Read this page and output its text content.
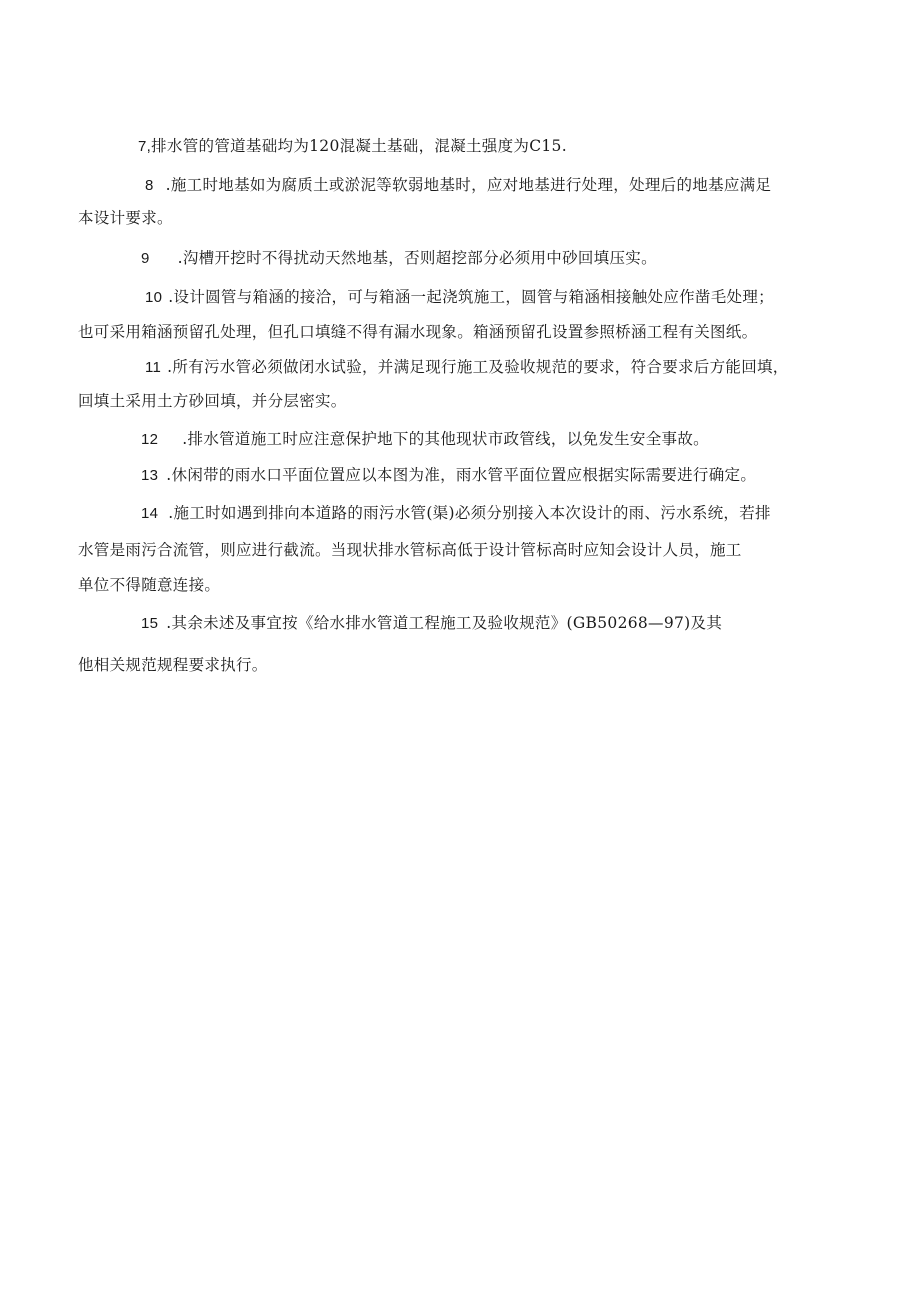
7,排水管的管道基础均为120混凝土基础，混凝土强度为C15.
8 .施工时地基如为腐质土或淤泥等软弱地基时，应对地基进行处理，处理后的地基应满足
本设计要求。
9 .沟槽开挖时不得扰动天然地基，否则超挖部分必须用中砂回填压实。
10 .设计圆管与箱涵的接洽，可与箱涵一起浇筑施工，圆管与箱涵相接触处应作凿毛处理；
也可采用箱涵预留孔处理，但孔口填缝不得有漏水现象。箱涵预留孔设置参照桥涵工程有关图纸。
11 .所有污水管必须做闭水试验，并满足现行施工及验收规范的要求，符合要求后方能回填，
回填土采用土方砂回填，并分层密实。
12 .排水管道施工时应注意保护地下的其他现状市政管线，以免发生安全事故。
13 .休闲带的雨水口平面位置应以本图为准，雨水管平面位置应根据实际需要进行确定。
14 .施工时如遇到排向本道路的雨污水管(渠)必须分别接入本次设计的雨、污水系统，若排
水管是雨污合流管，则应进行截流。当现状排水管标高低于设计管标高时应知会设计人员，施工
单位不得随意连接。
15 .其余未述及事宜按《给水排水管道工程施工及验收规范》(GB50268—97)及其
他相关规范规程要求执行。
